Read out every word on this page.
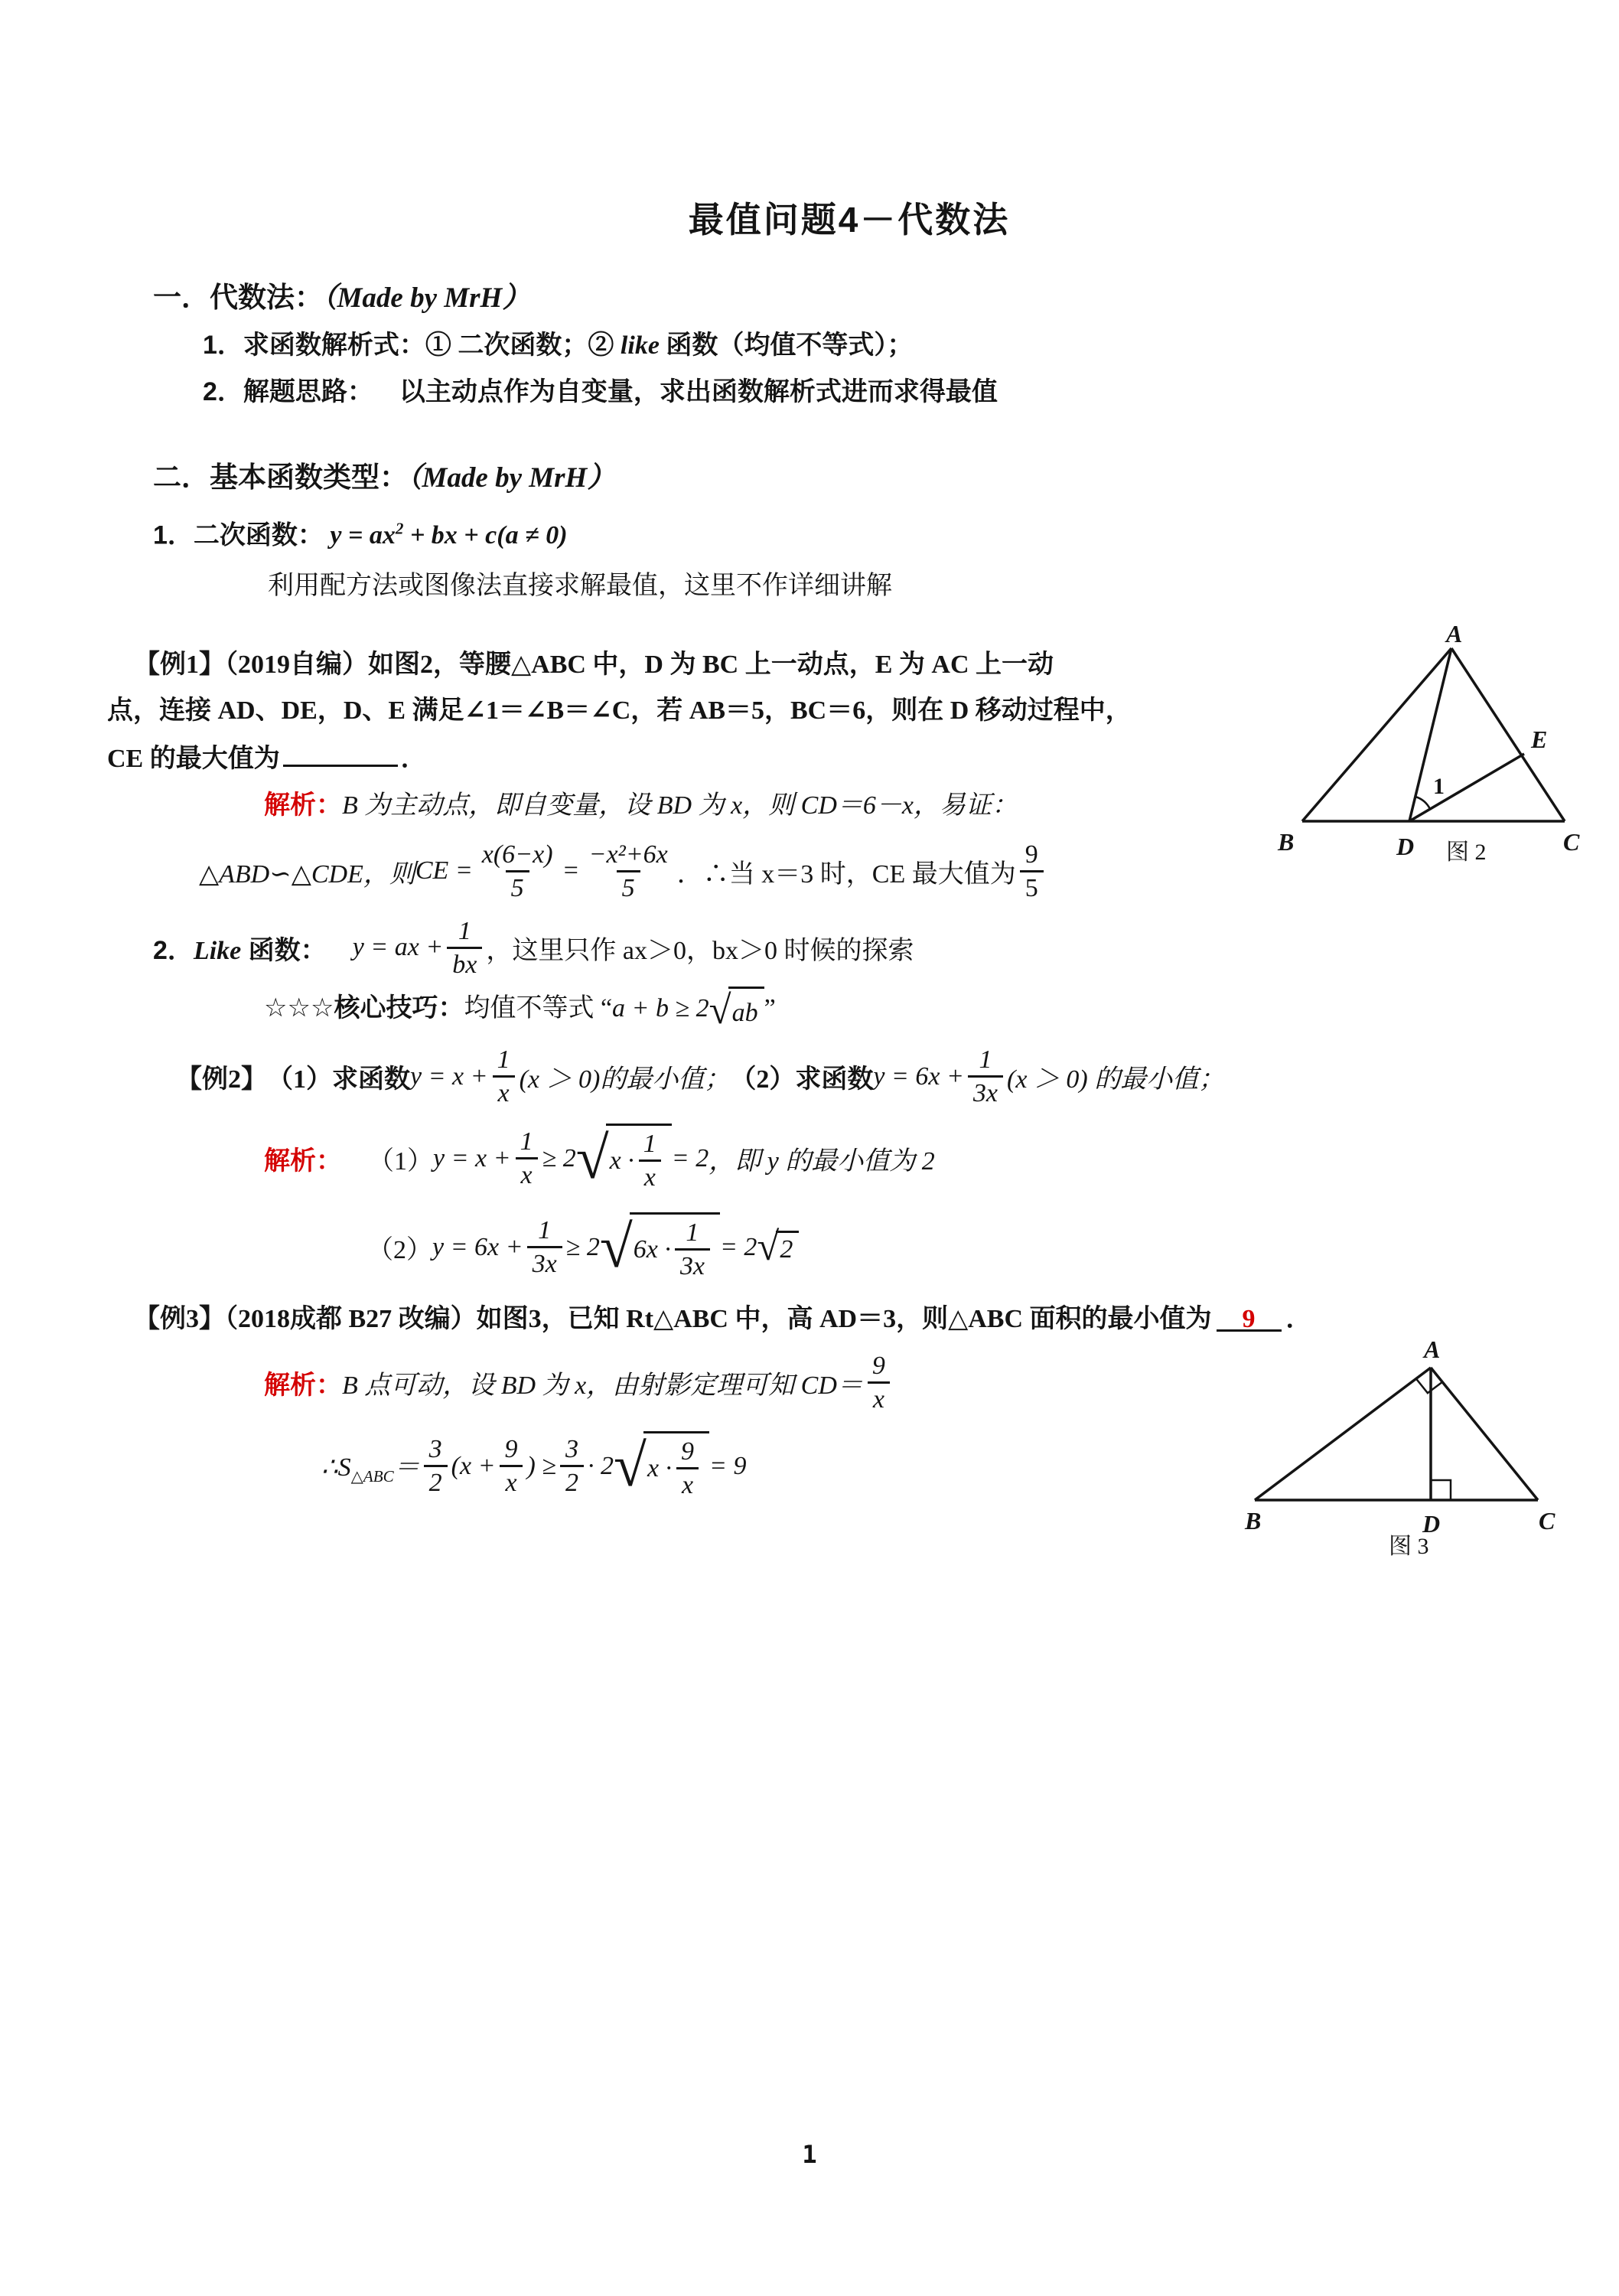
最值问题4－代数法
一．代数法：（Made by MrH）
1．求函数解析式：① 二次函数；② like 函数（均值不等式）；
2．解题思路： 以主动点作为自变量，求出函数解析式进而求得最值
二．基本函数类型：（Made by MrH）
1．二次函数： $y = ax^2$ + bx + c(a ≠ 0)
利用配方法或图像法直接求解最值，这里不作详细讲解
【例1】（2019自编）如图2，等腰△ABC 中，D 为 BC 上一动点，E 为 AC 上一动
点，连接 AD、DE，D、E 满足∠1＝∠B＝∠C，若 AB＝5，BC＝6，则在 D 移动过程中，
CE 的最大值为	．
解析：B 为主动点，即自变量，设 BD 为 x，则 CD＝6－x，易证：
△ABD∽△CDE，则 CE = $\frac{x(6-x)}{5} = \frac{\text{−x²+6x}}{5}$ ．∴当 x＝3 时，CE 最大值为 $\frac{9}{5}$
2．Like 函数： y = ax + $\frac{1}{bx}$ ，这里只作 ax＞0，bx＞0 时候的探索
☆☆☆核心技巧：均值不等式 “a + b ≥ 2 √ ab ”
【例2】 （1）求函数 $y = x + \frac{1}{x} (x > 0)$的最小值； （2）求函数 $y = 6x + \frac{1}{3x} (x > 0)$ 的最小值；
解析： （1） $y = x + \frac{1}{x} \ge 2$ √ $x \cdot \frac{1}{x} = 2$ ，即 y 的最小值为 2
（2） $y = 6x + \frac{1}{3x} \ge 2$ √ $6x \cdot \frac{1}{3x} = 2$ √ 2
【例3】（2018成都 B27 改编）如图3，已知 Rt△ABC 中，高 AD＝3，则△ABC 面积的最小值为 9 ．
解析： B 点可动，设 BD 为 x，由射影定理可知 $CD= \frac{9}{x}$
$\therefore S_{\triangle ABC}= \frac{3}{2} (x + \frac{9}{x}$ ) ≥ $\frac{3}{2} \cdot 2$ √ $x \cdot \frac{9}{x} = 9$
A
B	C
D
E
1
图 2
A
B	D	C
图 3
1
